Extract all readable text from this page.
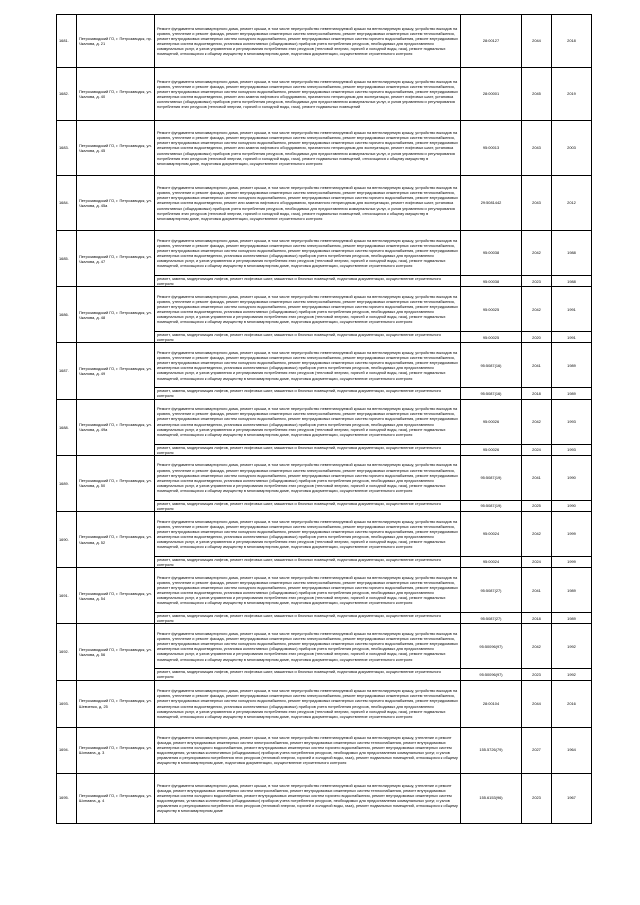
1681.	Петрозаводский ГО, г. Петрозаводск, пр. Чкалова, д. 21	Ремонт фундамента многоквартирного дома, ремонт крыши, в том числе переустройство невентилируемой крыши на вентилируемую крышу, устройство выходов на кровлю, утепление и ремонт фасада, ремонт внутридомовых инженерных систем электроснабжения, ремонт внутридомовых инженерных систем теплоснабжения, ремонт внутридомовых инженерных систем холодного водоснабжения, ремонт внутридомовых инженерных систем горячего водоснабжения, ремонт внутридомовых инженерных систем водоотведения, установка коллективных (общедомовых) приборов учета потребления ресурсов, необходимых для предоставления коммунальных услуг, и узлов управления и регулирования потребления этих ресурсов (тепловой энергии, горячей и холодной воды, газа), ремонт подвальных помещений, относящихся к общему имуществу в многоквартирном доме, подготовка документации, осуществление строительного контроля	28:00127	2044	2018
1682.	Петрозаводский ГО, г. Петрозаводск, ул. Чкалова, д. 40	Ремонт фундамента многоквартирного дома, ремонт крыши, в том числе переустройство невентилируемой крыши на вентилируемую крышу, устройство выходов на кровлю, утепление и ремонт фасада, ремонт внутридомовых инженерных систем электроснабжения, ремонт внутридомовых инженерных систем теплоснабжения, ремонт внутридомовых инженерных систем холодного водоснабжения, ремонт внутридомовых инженерных систем горячего водоснабжения, ремонт внутридомовых инженерных систем водоотведения, ремонт или замена лифтового оборудования, признанного непригодным для эксплуатации, ремонт лифтовых шахт, установка коллективных (общедомовых) приборов учета потребления ресурсов, необходимых для предоставления коммунальных услуг, и узлов управления и регулирования потребления этих ресурсов (тепловой энергии, горячей и холодной воды, газа), ремонт подвальных помещений	28:00001	2045	2019
1683.	Петрозаводский ГО, г. Петрозаводск, ул. Чкалова, д. 45	Ремонт фундамента многоквартирного дома, ремонт крыши, в том числе переустройство невентилируемой крыши на вентилируемую крышу, устройство выходов на кровлю, утепление и ремонт фасада, ремонт внутридомовых инженерных систем электроснабжения, ремонт внутридомовых инженерных систем теплоснабжения, ремонт внутридомовых инженерных систем холодного водоснабжения, ремонт внутридомовых инженерных систем горячего водоснабжения, ремонт внутридомовых инженерных систем водоотведения, ремонт или замена лифтового оборудования, признанного непригодным для эксплуатации, ремонт лифтовых шахт, установка коллективных (общедомовых) приборов учета потребления ресурсов, необходимых для предоставления коммунальных услуг, и узлов управления и регулирования потребления этих ресурсов (тепловой энергии, горячей и холодной воды, газа), ремонт подвальных помещений, относящихся к общему имуществу в многоквартирном доме, подготовка документации, осуществление строительного контроля	95:00013	2043	2003
1684.	Петрозаводский ГО, г. Петрозаводск, ул. Чкалова, д. 45а	Ремонт фундамента многоквартирного дома, ремонт крыши, в том числе переустройство невентилируемой крыши на вентилируемую крышу, устройство выходов на кровлю, утепление и ремонт фасада, ремонт внутридомовых инженерных систем электроснабжения, ремонт внутридомовых инженерных систем теплоснабжения, ремонт внутридомовых инженерных систем холодного водоснабжения, ремонт внутридомовых инженерных систем горячего водоснабжения, ремонт внутридомовых инженерных систем водоотведения, ремонт или замена лифтового оборудования, признанного непригодным для эксплуатации, ремонт лифтовых шахт, установка коллективных (общедомовых) приборов учета потребления ресурсов, необходимых для предоставления коммунальных услуг, и узлов управления и регулирования потребления этих ресурсов (тепловой энергии, горячей и холодной воды, газа), ремонт подвальных помещений, относящихся к общему имуществу в многоквартирном доме, подготовка документации, осуществление строительного контроля	29:5081442	2043	2012
1685.	Петрозаводский ГО, г. Петрозаводск, ул. Чкалова, д. 47	Ремонт фундамента многоквартирного дома, ремонт крыши, в том числе переустройство невентилируемой крыши на вентилируемую крышу, устройство выходов на кровлю, утепление и ремонт фасада, ремонт внутридомовых инженерных систем электроснабжения, ремонт внутридомовых инженерных систем теплоснабжения, ремонт внутридомовых инженерных систем холодного водоснабжения, ремонт внутридомовых инженерных систем горячего водоснабжения, ремонт внутридомовых инженерных систем водоотведения, установка коллективных (общедомовых) приборов учета потребления ресурсов, необходимых для предоставления коммунальных услуг, и узлов управления и регулирования потребления этих ресурсов (тепловой энергии, горячей и холодной воды, газа), ремонт подвальных помещений, относящихся к общему имуществу в многоквартирном доме, подготовка документации, осуществление строительного контроля	95:00038	2042	1988
		ремонт, замена, модернизация лифтов, ремонт лифтовых шахт, машинных и блочных помещений, подготовка документации, осуществление строительного контроля	95:00038	2023	1988
1686.	Петрозаводский ГО, г. Петрозаводск, ул. Чкалова, д. 48	Ремонт фундамента многоквартирного дома, ремонт крыши, в том числе переустройство невентилируемой крыши на вентилируемую крышу, устройство выходов на кровлю, утепление и ремонт фасада, ремонт внутридомовых инженерных систем электроснабжения, ремонт внутридомовых инженерных систем теплоснабжения, ремонт внутридомовых инженерных систем холодного водоснабжения, ремонт внутридомовых инженерных систем горячего водоснабжения, ремонт внутридомовых инженерных систем водоотведения, установка коллективных (общедомовых) приборов учета потребления ресурсов, необходимых для предоставления коммунальных услуг, и узлов управления и регулирования потребления этих ресурсов (тепловой энергии, горячей и холодной воды, газа), ремонт подвальных помещений, относящихся к общему имуществу в многоквартирном доме, подготовка документации, осуществление строительного контроля	95:00025	2042	1991
		ремонт, замена, модернизация лифтов, ремонт лифтовых шахт, машинных и блочных помещений, подготовка документации, осуществление строительного контроля	95:00025	2020	1991
1687.	Петрозаводский ГО, г. Петрозаводск, ул. Чкалова, д. 49	Ремонт фундамента многоквартирного дома, ремонт крыши, в том числе переустройство невентилируемой крыши на вентилируемую крышу, устройство выходов на кровлю, утепление и ремонт фасада, ремонт внутридомовых инженерных систем электроснабжения, ремонт внутридомовых инженерных систем теплоснабжения, ремонт внутридомовых инженерных систем холодного водоснабжения, ремонт внутридомовых инженерных систем горячего водоснабжения, ремонт внутридомовых инженерных систем водоотведения, установка коллективных (общедомовых) приборов учета потребления ресурсов, необходимых для предоставления коммунальных услуг, и узлов управления и регулирования потребления этих ресурсов (тепловой энергии, горячей и холодной воды, газа), ремонт подвальных помещений, относящихся к общему имуществу в многоквартирном доме, подготовка документации, осуществление строительного контроля	95:5087(16)	2041	1989
		ремонт, замена, модернизация лифтов, ремонт лифтовых шахт, машинных и блочных помещений, подготовка документации, осуществление строительного контроля	95:5087(16)	2018	1989
1688.	Петрозаводский ГО, г. Петрозаводск, ул. Чкалова, д. 49а	Ремонт фундамента многоквартирного дома, ремонт крыши, в том числе переустройство невентилируемой крыши на вентилируемую крышу, устройство выходов на кровлю, утепление и ремонт фасада, ремонт внутридомовых инженерных систем электроснабжения, ремонт внутридомовых инженерных систем теплоснабжения, ремонт внутридомовых инженерных систем холодного водоснабжения, ремонт внутридомовых инженерных систем горячего водоснабжения, ремонт внутридомовых инженерных систем водоотведения, установка коллективных (общедомовых) приборов учета потребления ресурсов, необходимых для предоставления коммунальных услуг, и узлов управления и регулирования потребления этих ресурсов (тепловой энергии, горячей и холодной воды, газа), ремонт подвальных помещений, относящихся к общему имуществу в многоквартирном доме, подготовка документации, осуществление строительного контроля	95:00026	2042	1993
		ремонт, замена, модернизация лифтов, ремонт лифтовых шахт, машинных и блочных помещений, подготовка документации, осуществление строительного контроля	95:00026	2024	1993
1689.	Петрозаводский ГО, г. Петрозаводск, ул. Чкалова, д. 50	Ремонт фундамента многоквартирного дома, ремонт крыши, в том числе переустройство невентилируемой крыши на вентилируемую крышу, устройство выходов на кровлю, утепление и ремонт фасада, ремонт внутридомовых инженерных систем электроснабжения, ремонт внутридомовых инженерных систем теплоснабжения, ремонт внутридомовых инженерных систем холодного водоснабжения, ремонт внутридомовых инженерных систем горячего водоснабжения, ремонт внутридомовых инженерных систем водоотведения, установка коллективных (общедомовых) приборов учета потребления ресурсов, необходимых для предоставления коммунальных услуг, и узлов управления и регулирования потребления этих ресурсов (тепловой энергии, горячей и холодной воды, газа), ремонт подвальных помещений, относящихся к общему имуществу в многоквартирном доме, подготовка документации, осуществление строительного контроля	95:5087(19)	2041	1990
		ремонт, замена, модернизация лифтов, ремонт лифтовых шахт, машинных и блочных помещений, подготовка документации, осуществление строительного контроля	95:5087(19)	2025	1990
1690.	Петрозаводский ГО, г. Петрозаводск, ул. Чкалова, д. 52	Ремонт фундамента многоквартирного дома, ремонт крыши, в том числе переустройство невентилируемой крыши на вентилируемую крышу, устройство выходов на кровлю, утепление и ремонт фасада, ремонт внутридомовых инженерных систем электроснабжения, ремонт внутридомовых инженерных систем теплоснабжения, ремонт внутридомовых инженерных систем холодного водоснабжения, ремонт внутридомовых инженерных систем горячего водоснабжения, ремонт внутридомовых инженерных систем водоотведения, установка коллективных (общедомовых) приборов учета потребления ресурсов, необходимых для предоставления коммунальных услуг, и узлов управления и регулирования потребления этих ресурсов (тепловой энергии, горячей и холодной воды, газа), ремонт подвальных помещений, относящихся к общему имуществу в многоквартирном доме, подготовка документации, осуществление строительного контроля	95:00024	2042	1999
		ремонт, замена, модернизация лифтов, ремонт лифтовых шахт, машинных и блочных помещений, подготовка документации, осуществление строительного контроля	95:00024	2024	1999
1691.	Петрозаводский ГО, г. Петрозаводск, ул. Чкалова, д. 54	Ремонт фундамента многоквартирного дома, ремонт крыши, в том числе переустройство невентилируемой крыши на вентилируемую крышу, устройство выходов на кровлю, утепление и ремонт фасада, ремонт внутридомовых инженерных систем электроснабжения, ремонт внутридомовых инженерных систем теплоснабжения, ремонт внутридомовых инженерных систем холодного водоснабжения, ремонт внутридомовых инженерных систем горячего водоснабжения, ремонт внутридомовых инженерных систем водоотведения, установка коллективных (общедомовых) приборов учета потребления ресурсов, необходимых для предоставления коммунальных услуг, и узлов управления и регулирования потребления этих ресурсов (тепловой энергии, горячей и холодной воды, газа), ремонт подвальных помещений, относящихся к общему имуществу в многоквартирном доме, подготовка документации, осуществление строительного контроля	95:5087(27)	2041	1989
		ремонт, замена, модернизация лифтов, ремонт лифтовых шахт, машинных и блочных помещений, подготовка документации, осуществление строительного контроля	95:5087(27)	2018	1989
1692.	Петрозаводский ГО, г. Петрозаводск, ул. Чкалова, д. 56	Ремонт фундамента многоквартирного дома, ремонт крыши, в том числе переустройство невентилируемой крыши на вентилируемую крышу, устройство выходов на кровлю, утепление и ремонт фасада, ремонт внутридомовых инженерных систем электроснабжения, ремонт внутридомовых инженерных систем теплоснабжения, ремонт внутридомовых инженерных систем холодного водоснабжения, ремонт внутридомовых инженерных систем горячего водоснабжения, ремонт внутридомовых инженерных систем водоотведения, установка коллективных (общедомовых) приборов учета потребления ресурсов, необходимых для предоставления коммунальных услуг, и узлов управления и регулирования потребления этих ресурсов (тепловой энергии, горячей и холодной воды, газа), ремонт подвальных помещений, относящихся к общему имуществу в многоквартирном доме, подготовка документации, осуществление строительного контроля	95:50096(97)	2042	1992
		ремонт, замена, модернизация лифтов, ремонт лифтовых шахт, машинных и блочных помещений, подготовка документации, осуществление строительного контроля	95:50096(97)	2023	1992
1693.	Петрозаводский ГО, г. Петрозаводск, ул. Шевченко, д. 25	Ремонт фундамента многоквартирного дома, ремонт крыши, в том числе переустройство невентилируемой крыши на вентилируемую крышу, устройство выходов на кровлю, утепление и ремонт фасада, ремонт внутридомовых инженерных систем электроснабжения, ремонт внутридомовых инженерных систем теплоснабжения, ремонт внутридомовых инженерных систем холодного водоснабжения, ремонт внутридомовых инженерных систем горячего водоснабжения, ремонт внутридомовых инженерных систем водоотведения, установка коллективных (общедомовых) приборов учета потребления ресурсов, необходимых для предоставления коммунальных услуг, и узлов управления и регулирования потребления этих ресурсов (тепловой энергии, горячей и холодной воды, газа), ремонт подвальных помещений, относящихся к общему имуществу в многоквартирном доме, подготовка документации, осуществление строительного контроля	28:00104	2044	2016
1694.	Петрозаводский ГО, г. Петрозаводск, ул. Шотмана, д. 3	Ремонт фундамента многоквартирного дома, ремонт крыши, в том числе переустройство невентилируемой крыши на вентилируемую крышу, утепление и ремонт фасада, ремонт внутридомовых инженерных систем электроснабжения, ремонт внутридомовых инженерных систем теплоснабжения, ремонт внутридомовых инженерных систем холодного водоснабжения, ремонт внутридомовых инженерных систем горячего водоснабжения, ремонт внутридомовых инженерных систем водоотведения, установка коллективных (общедомовых) приборов учета потребления ресурсов, необходимых для предоставления коммунальных услуг, и узлов управления и регулирования потребления этих ресурсов (тепловой энергии, горячей и холодной воды, газа), ремонт подвальных помещений, относящихся к общему имуществу в многоквартирном доме, подготовка документации, осуществление строительного контроля	155.5726(79)	2027	1964
1695.	Петрозаводский ГО, г. Петрозаводск, ул. Шотмана, д. 4	Ремонт фундамента многоквартирного дома, ремонт крыши, в том числе переустройство невентилируемой крыши на вентилируемую крышу, утепление и ремонт фасада, ремонт внутридомовых инженерных систем электроснабжения, ремонт внутридомовых инженерных систем теплоснабжения, ремонт внутридомовых инженерных систем холодного водоснабжения, ремонт внутридомовых инженерных систем горячего водоснабжения, ремонт внутридомовых инженерных систем водоотведения, установка коллективных (общедомовых) приборов учета потребления ресурсов, необходимых для предоставления коммунальных услуг, и узлов управления и регулирования потребления этих ресурсов (тепловой энергии, горячей и холодной воды, газа), ремонт подвальных помещений, относящихся к общему имуществу в многоквартирном доме	155.6153(96)	2023	1967
